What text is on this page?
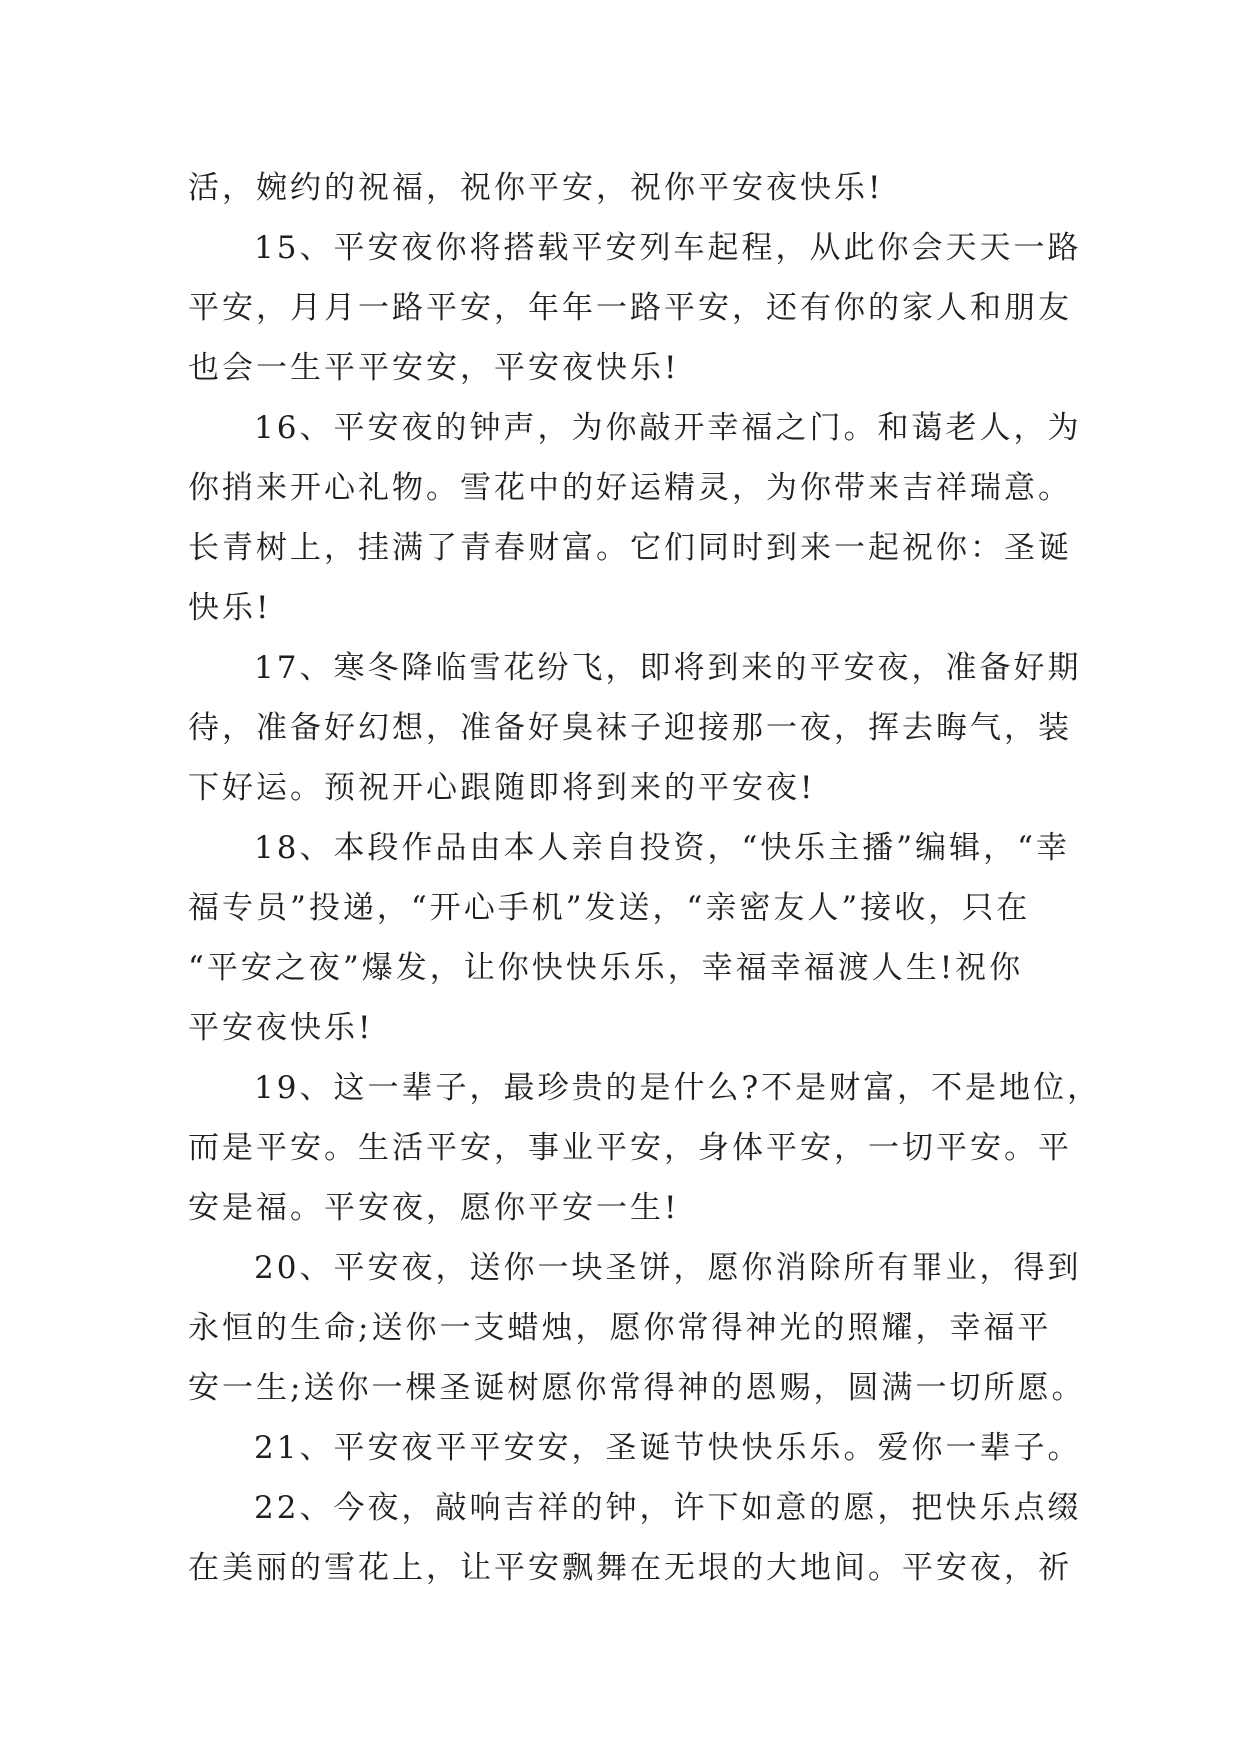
活，婉约的祝福，祝你平安，祝你平安夜快乐!
15、平安夜你将搭载平安列车起程，从此你会天天一路
平安，月月一路平安，年年一路平安，还有你的家人和朋友
也会一生平平安安，平安夜快乐!
16、平安夜的钟声，为你敲开幸福之门。和蔼老人，为
你捎来开心礼物。雪花中的好运精灵，为你带来吉祥瑞意。
长青树上，挂满了青春财富。它们同时到来一起祝你：圣诞
快乐!
17、寒冬降临雪花纷飞，即将到来的平安夜，准备好期
待，准备好幻想，准备好臭袜子迎接那一夜，挥去晦气，装
下好运。预祝开心跟随即将到来的平安夜!
18、本段作品由本人亲自投资，“快乐主播”编辑，“幸
福专员”投递，“开心手机”发送，“亲密友人”接收，只在
“平安之夜”爆发，让你快快乐乐，幸福幸福渡人生!祝你
平安夜快乐!
19、这一辈子，最珍贵的是什么?不是财富，不是地位，
而是平安。生活平安，事业平安，身体平安，一切平安。平
安是福。平安夜，愿你平安一生!
20、平安夜，送你一块圣饼，愿你消除所有罪业，得到
永恒的生命;送你一支蜡烛，愿你常得神光的照耀，幸福平
安一生;送你一棵圣诞树愿你常得神的恩赐，圆满一切所愿。
21、平安夜平平安安，圣诞节快快乐乐。爱你一辈子。
22、今夜，敲响吉祥的钟，许下如意的愿，把快乐点缀
在美丽的雪花上，让平安飘舞在无垠的大地间。平安夜，祈
